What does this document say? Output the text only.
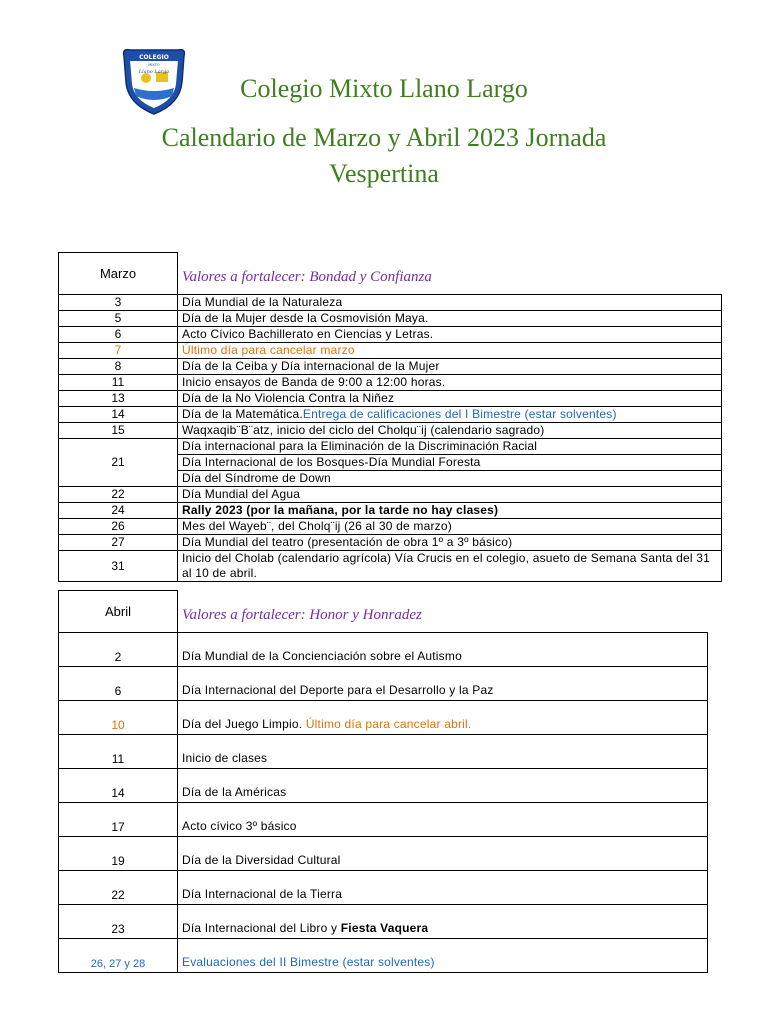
COLEGIO
MIXTO
Llano Largo
Colegio Mixto Llano Largo
Calendario de Marzo y Abril 2023 Jornada
Vespertina
Marzo	Valores a fortalecer: Bondad y Confianza
3	Día Mundial de la Naturaleza
5	Día de la Mujer desde la Cosmovisión Maya.
6	Acto Cívico Bachillerato en Ciencias y Letras.
7	Último día para cancelar marzo
8	Día de la Ceiba y Día internacional de la Mujer
11	Inicio ensayos de Banda de 9:00 a 12:00 horas.
13	Día de la No Violencia Contra la Niñez
14	Día de la Matemática.Entrega de calificaciones del I Bimestre (estar solventes)
15	Waqxaqib¨B¨atz, inicio del ciclo del Cholqu¨ij (calendario sagrado)
21	Día internacional para la Eliminación de la Discriminación Racial
	Día Internacional de los Bosques-Día Mundial Foresta
	Día del Síndrome de Down
22	Día Mundial del Agua
24	Rally 2023 (por la mañana, por la tarde no hay clases)
26	Mes del Wayeb¨, del Cholq¨ij (26 al 30 de marzo)
27	Día Mundial del teatro (presentación de obra 1º a 3º básico)
31	Inicio del Cholab (calendario agrícola) Vía Crucis en el colegio, asueto de Semana Santa del 31 al 10 de abril.
Abril	Valores a fortalecer: Honor y Honradez
2	Día Mundial de la Concienciación sobre el Autismo
6	Día Internacional del Deporte para el Desarrollo y la Paz
10	Día del Juego Limpio. Último día para cancelar abril.
11	Inicio de clases
14	Día de la Américas
17	Acto cívico 3º básico
19	Día de la Diversidad Cultural
22	Día Internacional de la Tierra
23	Día Internacional del Libro y Fiesta Vaquera
26, 27 y 28	Evaluaciones del II Bimestre (estar solventes)
